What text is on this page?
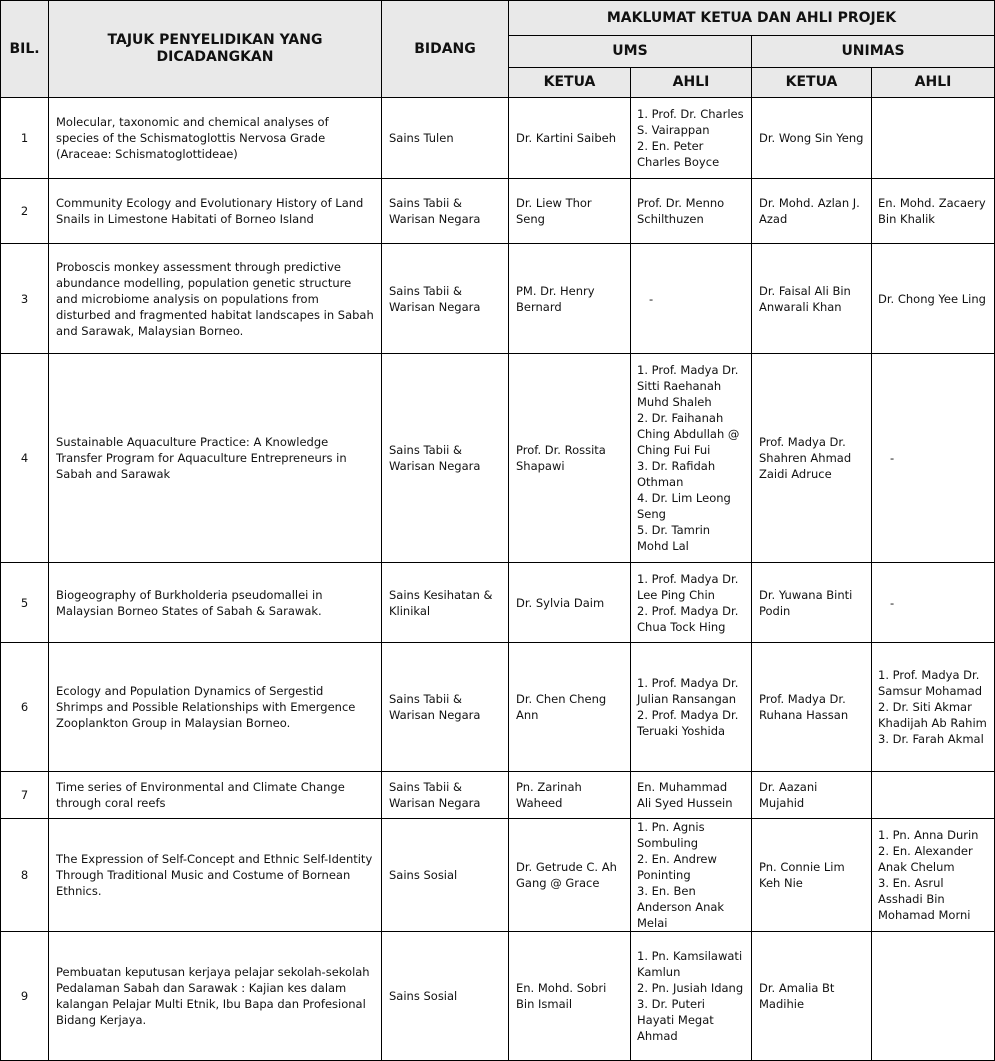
BIL.	TAJUK PENYELIDIKAN YANG DICADANGKAN	BIDANG	MAKLUMAT KETUA DAN AHLI PROJEK			
			UMS		UNIMAS	
			KETUA	AHLI	KETUA	AHLI
1	Molecular, taxonomic and chemical analyses of species of the Schismatoglottis Nervosa Grade (Araceae: Schismatoglottideae)	Sains Tulen	Dr. Kartini Saibeh	1. Prof. Dr. Charles S. Vairappan
2. En. Peter Charles Boyce	Dr. Wong Sin Yeng	
2	Community Ecology and Evolutionary History of Land Snails in Limestone Habitati of Borneo Island	Sains Tabii & Warisan Negara	Dr. Liew Thor Seng	Prof. Dr. Menno Schilthuzen	Dr. Mohd. Azlan J. Azad	En. Mohd. Zacaery Bin Khalik

3	Proboscis monkey assessment through predictive abundance modelling, population genetic structure and microbiome analysis on populations from disturbed and fragmented habitat landscapes in Sabah and Sarawak, Malaysian Borneo.	Sains Tabii & Warisan Negara	PM. Dr. Henry Bernard	-	Dr. Faisal Ali Bin Anwarali Khan	Dr. Chong Yee Ling

4	Sustainable Aquaculture Practice: A Knowledge Transfer Program for Aquaculture Entrepreneurs in Sabah and Sarawak	Sains Tabii & Warisan Negara	Prof. Dr. Rossita Shapawi	1. Prof. Madya Dr. Sitti Raehanah Muhd Shaleh
2. Dr. Faihanah Ching Abdullah @ Ching Fui Fui
3. Dr. Rafidah Othman
4. Dr. Lim Leong Seng
5. Dr. Tamrin Mohd Lal	Prof. Madya Dr. Shahren Ahmad Zaidi Adruce	-

5	Biogeography of Burkholderia pseudomallei in Malaysian Borneo States of Sabah & Sarawak.	Sains Kesihatan & Klinikal	Dr. Sylvia Daim	1. Prof. Madya Dr. Lee Ping Chin
2. Prof. Madya Dr. Chua Tock Hing	Dr. Yuwana Binti Podin	-

6	Ecology and Population Dynamics of Sergestid Shrimps and Possible Relationships with Emergence Zooplankton Group in Malaysian Borneo.	Sains Tabii & Warisan Negara	Dr. Chen Cheng Ann	1. Prof. Madya Dr. Julian Ransangan
2. Prof. Madya Dr. Teruaki Yoshida	Prof. Madya Dr. Ruhana Hassan	1. Prof. Madya Dr. Samsur Mohamad
2. Dr. Siti Akmar Khadijah Ab Rahim
3. Dr. Farah Akmal

7	Time series of Environmental and Climate Change through coral reefs	Sains Tabii & Warisan Negara	Pn. Zarinah Waheed	En. Muhammad Ali Syed Hussein	Dr. Aazani Mujahid	
8	The Expression of Self-Concept and Ethnic Self-Identity Through Traditional Music and Costume of Bornean Ethnics.	Sains Sosial	Dr. Getrude C. Ah Gang @ Grace	1. Pn. Agnis Sombuling
2. En. Andrew Poninting
3. En. Ben Anderson Anak Melai	Pn. Connie Lim Keh Nie	1. Pn. Anna Durin
2. En. Alexander Anak Chelum
3. En. Asrul Asshadi Bin Mohamad Morni

9	Pembuatan keputusan kerjaya pelajar sekolah-sekolah Pedalaman Sabah dan Sarawak : Kajian kes dalam kalangan Pelajar Multi Etnik, Ibu Bapa dan Profesional Bidang Kerjaya.	Sains Sosial	En. Mohd. Sobri Bin Ismail	1. Pn. Kamsilawati Kamlun
2. Pn. Jusiah Idang
3. Dr. Puteri Hayati Megat Ahmad	Dr. Amalia Bt Madihie	
